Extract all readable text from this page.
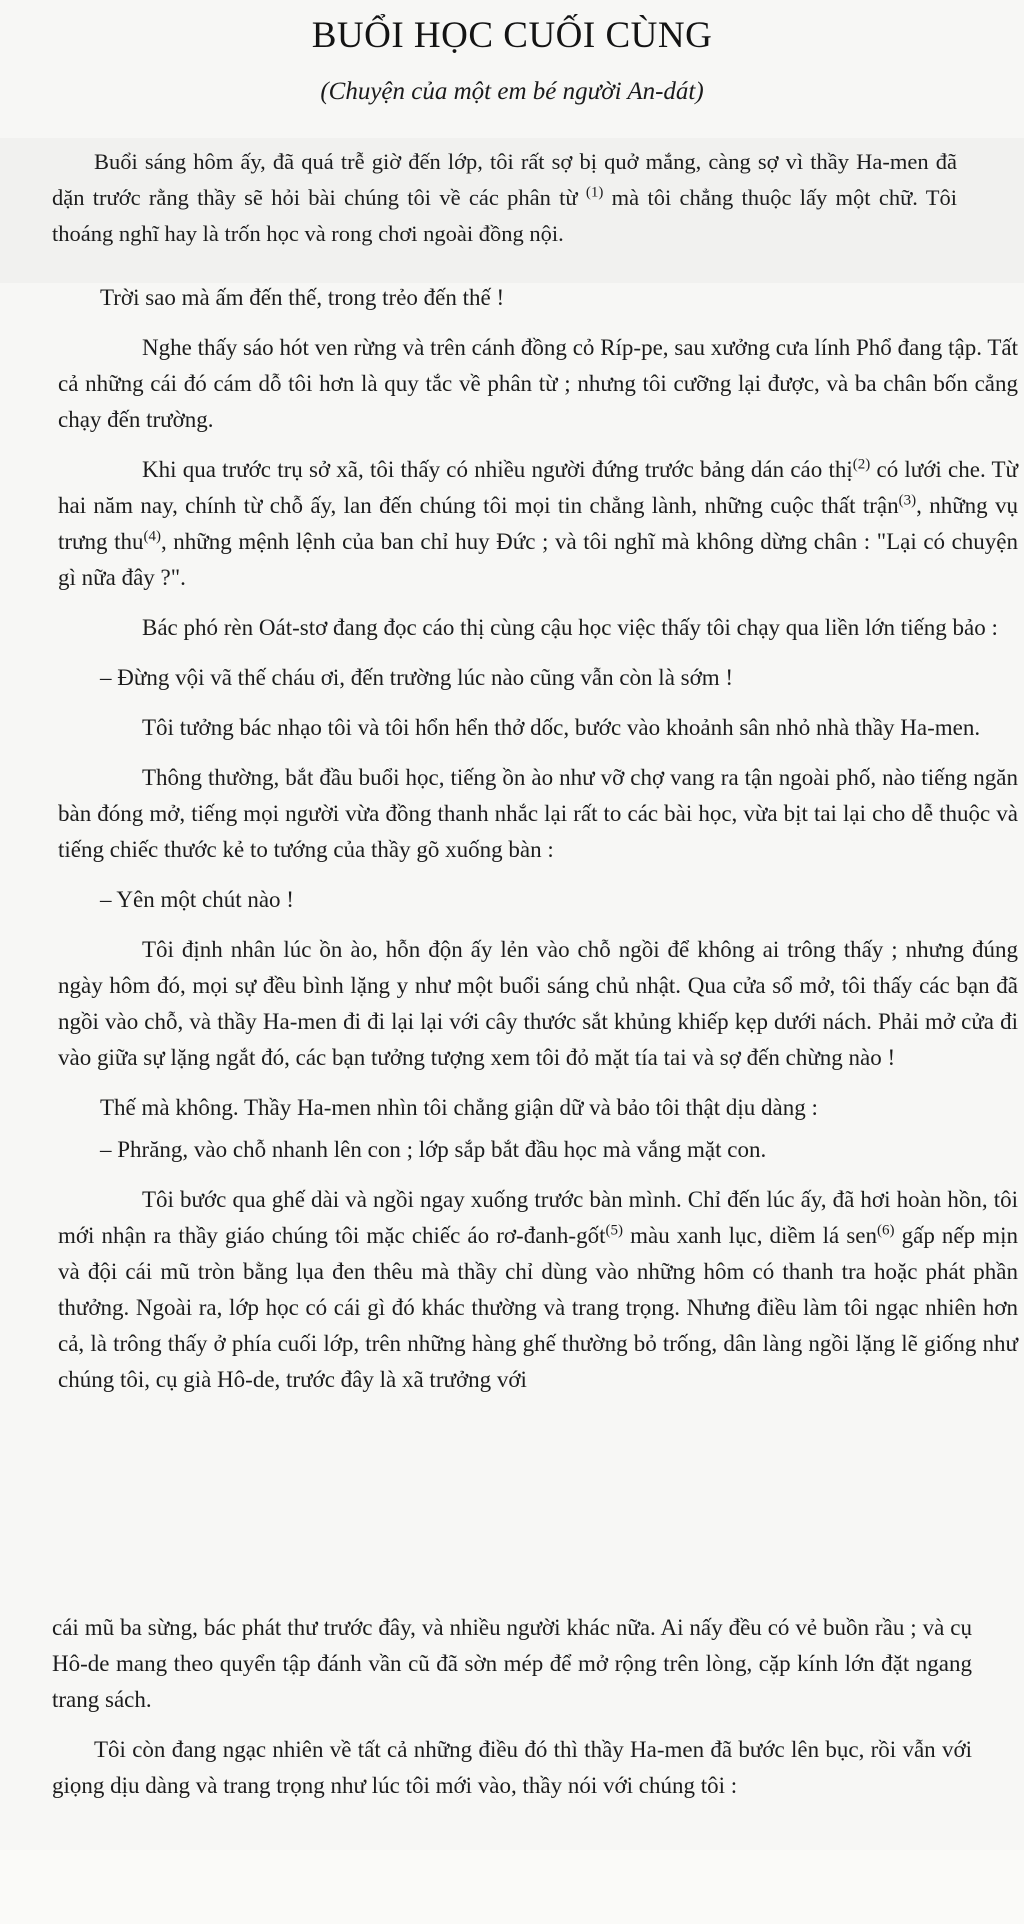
BUỔI HỌC CUỐI CÙNG
(Chuyện của một em bé người An-dát)

Buổi sáng hôm ấy, đã quá trễ giờ đến lớp, tôi rất sợ bị quở mắng, càng sợ vì thầy Ha-men đã dặn trước rằng thầy sẽ hỏi bài chúng tôi về các phân từ $^{(1)}$ mà tôi chẳng thuộc lấy một chữ. Tôi thoáng nghĩ hay là trốn học và rong chơi ngoài đồng nội.

Trời sao mà ấm đến thế, trong trẻo đến thế !

Nghe thấy sáo hót ven rừng và trên cánh đồng cỏ Ríp-pe, sau xưởng cưa lính Phổ đang tập. Tất cả những cái đó cám dỗ tôi hơn là quy tắc về phân từ ; nhưng tôi cưỡng lại được, và ba chân bốn cẳng chạy đến trường.

Khi qua trước trụ sở xã, tôi thấy có nhiều người đứng trước bảng dán cáo thị$^{(2)}$ có lưới che. Từ hai năm nay, chính từ chỗ ấy, lan đến chúng tôi mọi tin chẳng lành, những cuộc thất trận$^{(3)}$, những vụ trưng thu$^{(4)}$, những mệnh lệnh của ban chỉ huy Đức ; và tôi nghĩ mà không dừng chân : "Lại có chuyện gì nữa đây ?".

Bác phó rèn Oát-stơ đang đọc cáo thị cùng cậu học việc thấy tôi chạy qua liền lớn tiếng bảo :

– Đừng vội vã thế cháu ơi, đến trường lúc nào cũng vẫn còn là sớm !

Tôi tưởng bác nhạo tôi và tôi hổn hển thở dốc, bước vào khoảnh sân nhỏ nhà thầy Ha-men.

Thông thường, bắt đầu buổi học, tiếng ồn ào như vỡ chợ vang ra tận ngoài phố, nào tiếng ngăn bàn đóng mở, tiếng mọi người vừa đồng thanh nhắc lại rất to các bài học, vừa bịt tai lại cho dễ thuộc và tiếng chiếc thước kẻ to tướng của thầy gõ xuống bàn :

– Yên một chút nào !

Tôi định nhân lúc ồn ào, hỗn độn ấy lẻn vào chỗ ngồi để không ai trông thấy ; nhưng đúng ngày hôm đó, mọi sự đều bình lặng y như một buổi sáng chủ nhật. Qua cửa sổ mở, tôi thấy các bạn đã ngồi vào chỗ, và thầy Ha-men đi đi lại lại với cây thước sắt khủng khiếp kẹp dưới nách. Phải mở cửa đi vào giữa sự lặng ngắt đó, các bạn tưởng tượng xem tôi đỏ mặt tía tai và sợ đến chừng nào !

Thế mà không. Thầy Ha-men nhìn tôi chẳng giận dữ và bảo tôi thật dịu dàng :

– Phrăng, vào chỗ nhanh lên con ; lớp sắp bắt đầu học mà vắng mặt con.

Tôi bước qua ghế dài và ngồi ngay xuống trước bàn mình. Chỉ đến lúc ấy, đã hơi hoàn hồn, tôi mới nhận ra thầy giáo chúng tôi mặc chiếc áo rơ-đanh-gốt$^{(5)}$ màu xanh lục, diềm lá sen$^{(6)}$ gấp nếp mịn và đội cái mũ tròn bằng lụa đen thêu mà thầy chỉ dùng vào những hôm có thanh tra hoặc phát phần thưởng. Ngoài ra, lớp học có cái gì đó khác thường và trang trọng. Nhưng điều làm tôi ngạc nhiên hơn cả, là trông thấy ở phía cuối lớp, trên những hàng ghế thường bỏ trống, dân làng ngồi lặng lẽ giống như chúng tôi, cụ già Hô-de, trước đây là xã trưởng với

cái mũ ba sừng, bác phát thư trước đây, và nhiều người khác nữa. Ai nấy đều có vẻ buồn rầu ; và cụ Hô-de mang theo quyển tập đánh vần cũ đã sờn mép để mở rộng trên lòng, cặp kính lớn đặt ngang trang sách.

Tôi còn đang ngạc nhiên về tất cả những điều đó thì thầy Ha-men đã bước lên bục, rồi vẫn với giọng dịu dàng và trang trọng như lúc tôi mới vào, thầy nói với chúng tôi :
